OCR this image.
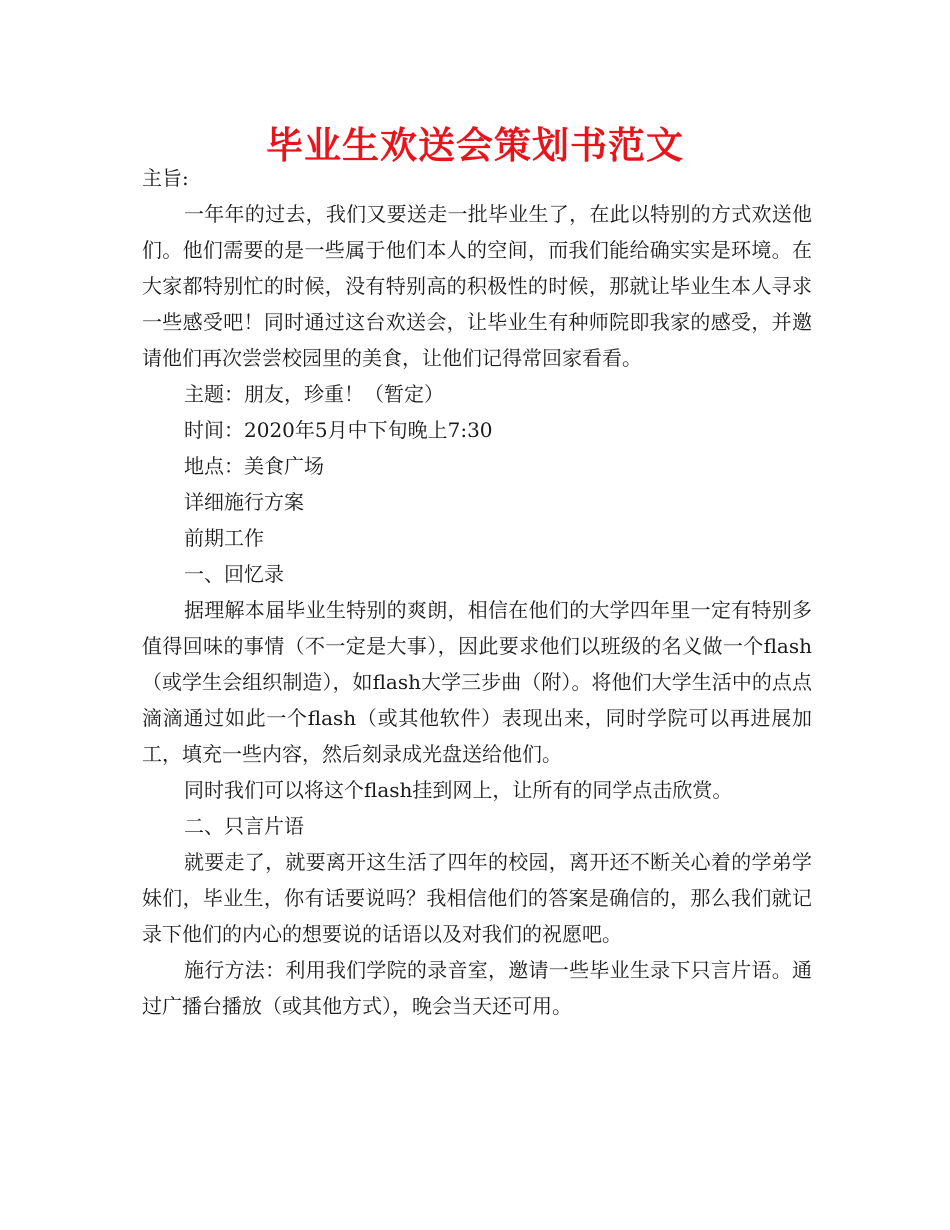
毕业生欢送会策划书范文

主旨:

一年年的过去，我们又要送走一批毕业生了，在此以特别的方式欢送他们。他们需要的是一些属于他们本人的空间，而我们能给确实实是环境。在大家都特别忙的时候，没有特别高的积极性的时候，那就让毕业生本人寻求一些感受吧！同时通过这台欢送会，让毕业生有种师院即我家的感受，并邀请他们再次尝尝校园里的美食，让他们记得常回家看看。

主题：朋友，珍重！（暂定）

时间：2020年5月中下旬晚上7:30

地点：美食广场

详细施行方案

前期工作

一、回忆录

据理解本届毕业生特别的爽朗，相信在他们的大学四年里一定有特别多值得回味的事情（不一定是大事），因此要求他们以班级的名义做一个flash（或学生会组织制造），如flash大学三步曲（附）。将他们大学生活中的点点滴滴通过如此一个flash（或其他软件）表现出来，同时学院可以再进展加工，填充一些内容，然后刻录成光盘送给他们。

同时我们可以将这个flash挂到网上，让所有的同学点击欣赏。

二、只言片语

就要走了，就要离开这生活了四年的校园，离开还不断关心着的学弟学妹们，毕业生，你有话要说吗？我相信他们的答案是确信的，那么我们就记录下他们的内心的想要说的话语以及对我们的祝愿吧。

施行方法：利用我们学院的录音室，邀请一些毕业生录下只言片语。通过广播台播放（或其他方式），晚会当天还可用。
